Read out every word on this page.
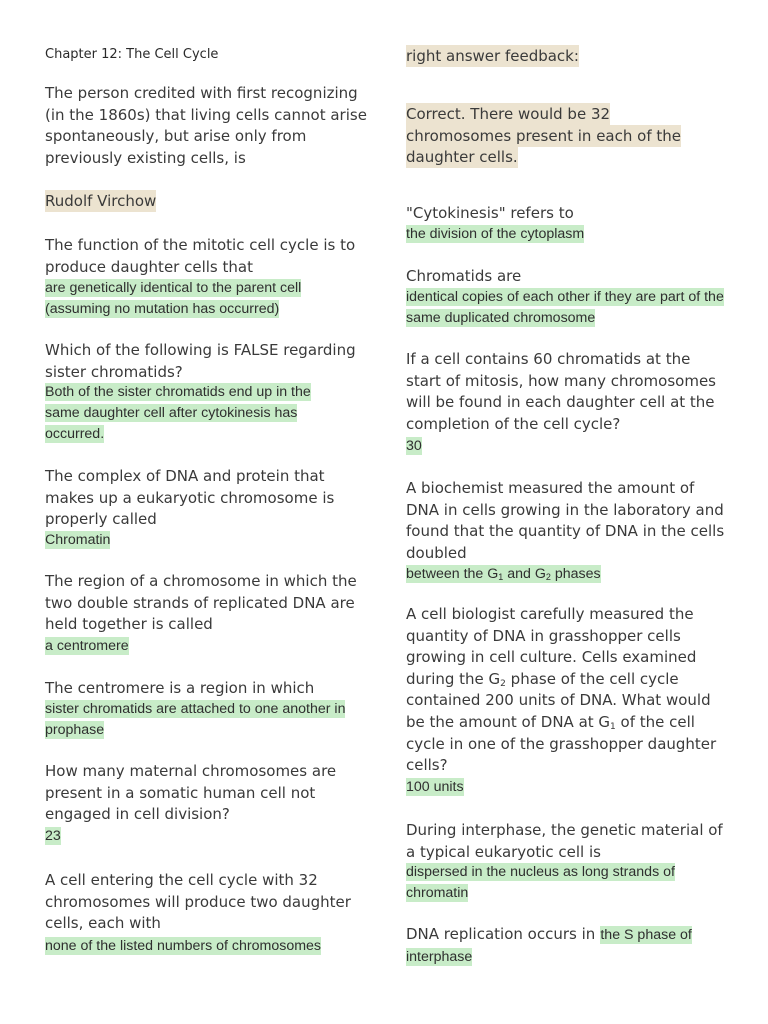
Chapter 12: The Cell Cycle
The person credited with first recognizing (in the 1860s) that living cells cannot arise spontaneously, but arise only from previously existing cells, is
Rudolf Virchow
The function of the mitotic cell cycle is to produce daughter cells that
are genetically identical to the parent cell (assuming no mutation has occurred)
Which of the following is FALSE regarding sister chromatids?
Both of the sister chromatids end up in the same daughter cell after cytokinesis has occurred.
The complex of DNA and protein that makes up a eukaryotic chromosome is properly called
Chromatin
The region of a chromosome in which the two double strands of replicated DNA are held together is called
a centromere
The centromere is a region in which
sister chromatids are attached to one another in prophase
How many maternal chromosomes are present in a somatic human cell not engaged in cell division?
23
A cell entering the cell cycle with 32 chromosomes will produce two daughter cells, each with
none of the listed numbers of chromosomes
right answer feedback:
Correct. There would be 32 chromosomes present in each of the daughter cells.
"Cytokinesis" refers to
the division of the cytoplasm
Chromatids are
identical copies of each other if they are part of the same duplicated chromosome
If a cell contains 60 chromatids at the start of mitosis, how many chromosomes will be found in each daughter cell at the completion of the cell cycle?
30
A biochemist measured the amount of DNA in cells growing in the laboratory and found that the quantity of DNA in the cells doubled
between the $G_1$ and $G_2$ phases
A cell biologist carefully measured the quantity of DNA in grasshopper cells growing in cell culture. Cells examined during the $G_2$ phase of the cell cycle contained 200 units of DNA. What would be the amount of DNA at $G_1$ of the cell cycle in one of the grasshopper daughter cells?
100 units
During interphase, the genetic material of a typical eukaryotic cell is
dispersed in the nucleus as long strands of chromatin
DNA replication occurs in the S phase of interphase
